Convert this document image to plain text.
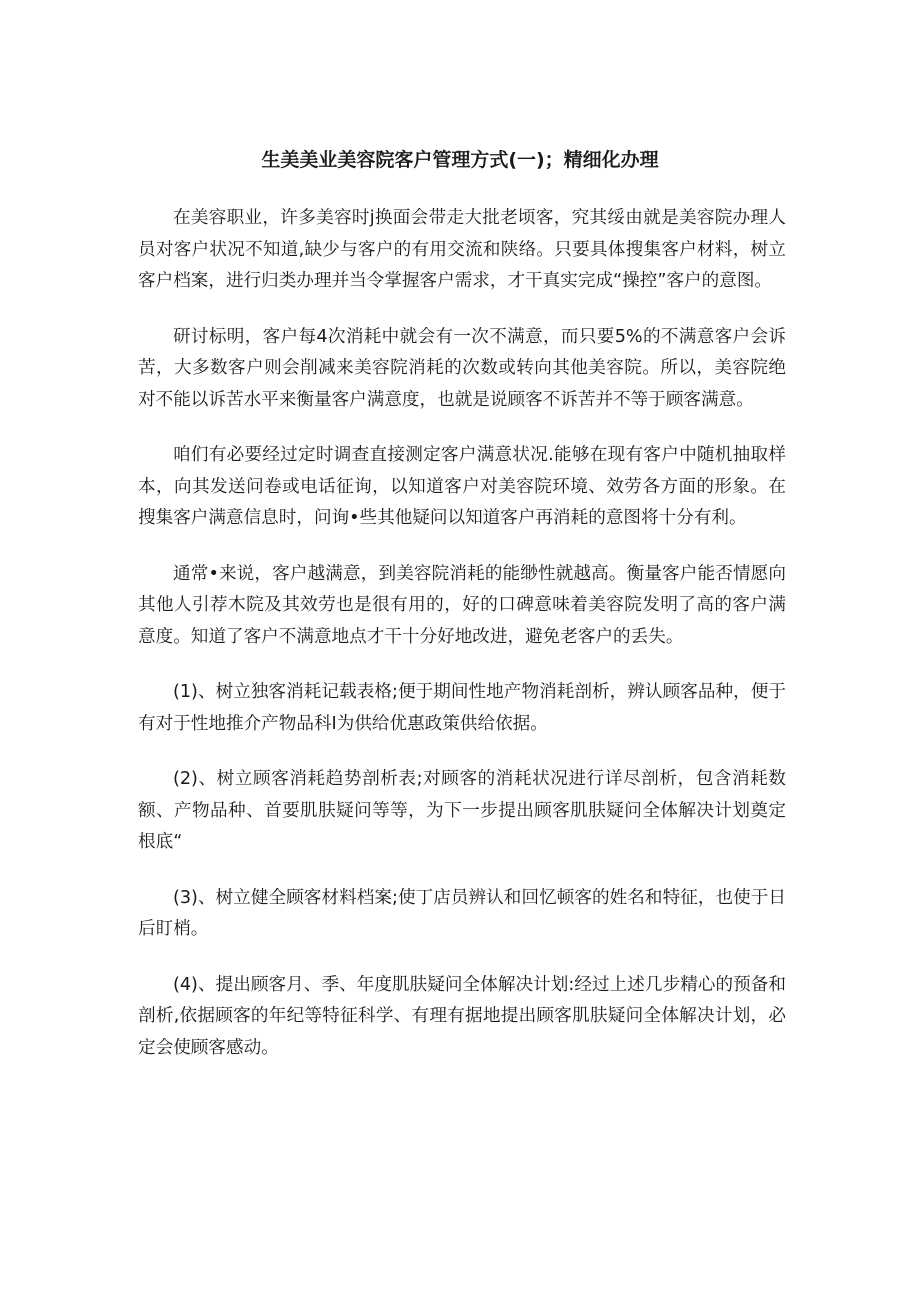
生美美业美容院客户管理方式(一)；精细化办理

在美容职业，许多美容时j换面会带走大批老顷客，究其绥由就是美容院办理人员对客户状况不知道,缺少与客户的有用交流和陕络。只要具体搜集客户材料，树立客户档案，进行归类办理并当令掌握客户需求，才干真实完成“操控”客户的意图。

研讨标明，客户每4次消耗中就会有一次不满意，而只要5%的不满意客户会诉苦，大多数客户则会削减来美容院消耗的次数或转向其他美容院。所以，美容院绝对不能以诉苦水平来衡量客户满意度，也就是说顾客不诉苦并不等于顾客满意。

咱们有必要经过定时调查直接测定客户满意状况.能够在现有客户中随机抽取样本，向其发送问卷或电话征询，以知道客户对美容院环境、效劳各方面的形象。在搜集客户满意信息时，问询•些其他疑问以知道客户再消耗的意图将十分有利。

通常•来说，客户越满意，到美容院消耗的能缈性就越高。衡量客户能否情愿向其他人引荐木院及其效劳也是很有用的，好的口碑意味着美容院发明了高的客户满意度。知道了客户不满意地点才干十分好地改进，避免老客户的丢失。

(1)、树立独客消耗记载表格;便于期间性地产物消耗剖析，辨认顾客品种，便于有对于性地推介产物品科I为供给优惠政策供给依据。

(2)、树立顾客消耗趋势剖析表;对顾客的消耗状况进行详尽剖析，包含消耗数额、产物品种、首要肌肤疑问等等，为下一步提出顾客肌肤疑问全体解决计划奠定根底“

(3)、树立健全顾客材料档案;使丁店员辨认和回忆顿客的姓名和特征，也使于日后盯梢。

(4)、提出顾客月、季、年度肌肤疑问全体解决计划:经过上述几步精心的预备和剖析,依据顾客的年纪等特征科学、有理有据地提出顾客肌肤疑问全体解决计划，必定会使顾客感动。
